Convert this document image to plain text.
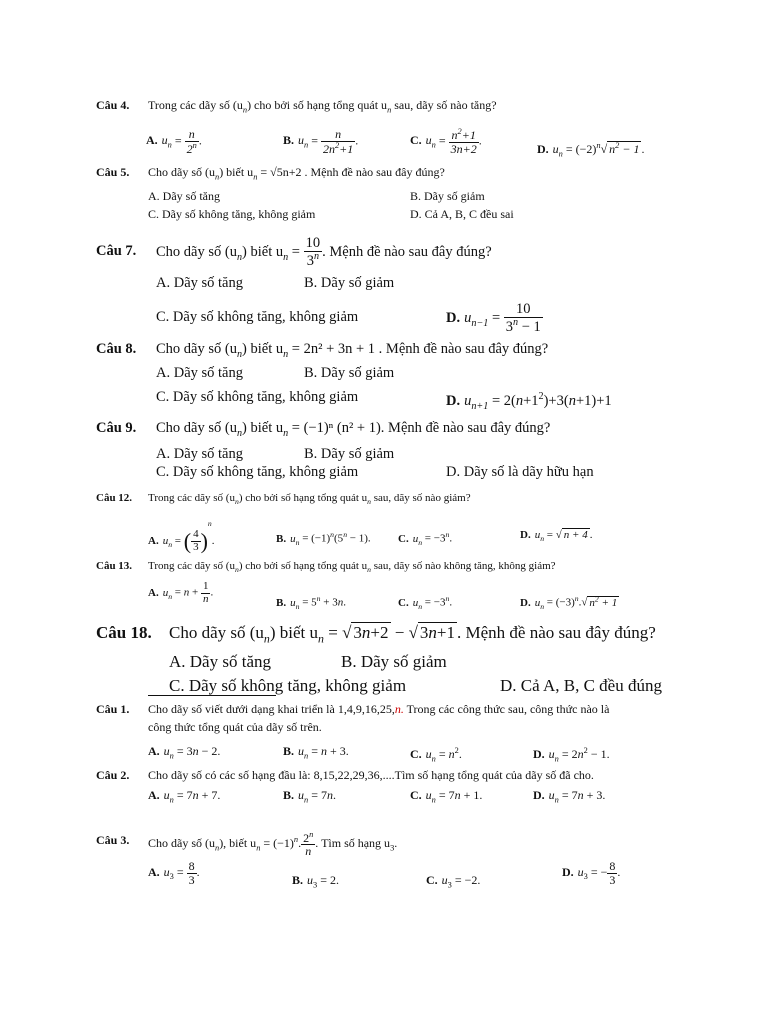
Câu 4. Trong các dãy số $(u_n)$ cho bởi số hạng tổng quát $u_n$ sau, dãy số nào tăng?
A. $u_n = \frac{n}{2^n}$ .	B. $u_n = \frac{n}{2n^2+1}$ .	C. $u_n = \frac{n^2+1}{3n+2}$ .
D. $u_n = (-2)^n√$ $n^2 - 1$ .
Câu 5. Cho dãy số $(u_n)$ biết $u_n = √5n+2$ . Mệnh đề nào sau đây đúng?
A. Dãy số tăng	B. Dãy số giảm
C. Dãy số không tăng, không giảm	D. Cả A, B, C đều sai
Câu 7. Cho dãy số $(u_n)$ biết $u_n = \frac{10}{3^n}$ . Mệnh đề nào sau đây đúng?
A. Dãy số tăng	B. Dãy số giảm
C. Dãy số không tăng, không giảm	D. $u_{n-1} = \frac{10}{3^n - 1}$
Câu 8. Cho dãy số $(u_n)$ biết $u_n = 2n^2 + 3n + 1$ . Mệnh đề nào sau đây đúng?
A. Dãy số tăng	B. Dãy số giảm
C. Dãy số không tăng, không giảm	D. $u_{n+1} = 2(n+1^2)+3(n+1)+1$
Câu 9. Cho dãy số $(u_n)$ biết $u_n = (-1)^n$ (n² + 1). Mệnh đề nào sau đây đúng?
A. Dãy số tăng	B. Dãy số giảm
C. Dãy số không tăng, không giảm	D. Dãy số là dãy hữu hạn
Câu 12. Trong các dãy số $(u_n)$ cho bởi số hạng tổng quát $u_n$ sau, dãy số nào giảm?
A. $u_n$ = ( $\frac{4}{3} )^n$.	B. $u_n = (-1)^n(5^n - 1)$. C. $u_n = -3^n$.	D. $u_n$ = √ n + 4 .
Câu 13. Trong các dãy số $(u_n)$ cho bởi số hạng tổng quát $u_n$ sau, dãy số nào không tăng, không giảm?
A. $u_n = n + \frac{1}{n}$ .
B. $u_n = 5^n + 3n$.	C. $u_n = -3^n$.	D. $u_n = (-3)^n.√$ $n^2 + 1$
Câu 18. Cho dãy số $(u_n)$ biết $u_n$ = √ 3n+2 − √ 3n+1 . Mệnh đề nào sau đây đúng?
A. Dãy số tăng	B. Dãy số giảm
C. Dãy số không tăng, không giảm	D. Cả A, B, C đều đúng
Câu 1. Cho dãy số viết dưới dạng khai triển là 1,4,9,16,25,n. Trong các công thức sau, công thức nào là
công thức tổng quát của dãy số trên.
A. $u_n = 3n - 2$.	B. $u_n = n + 3$.	C. $u_n = n^2$.	D. $u_n = 2n^2 - 1$.
Câu 2. Cho dãy số có các số hạng đầu là: 8,15,22,29,36,....Tìm số hạng tổng quát của dãy số đã cho.
A. $u_n = 7n + 7$.	B. $u_n = 7n$.	C. $u_n = 7n + 1$.	D. $u_n = 7n + 3$.
Câu 3. Cho dãy số $(u_n)$, biết $u_n = (-1)^n$. $\frac{2^n}{n}$ . Tìm số hạng $u_3$.
A. $u_3 = \frac{8}{3}$ .
B. $u_3 = 2$.	C. $u_3 = -2$.
D. $u_3$ = − $\frac{8}{3}$ .
